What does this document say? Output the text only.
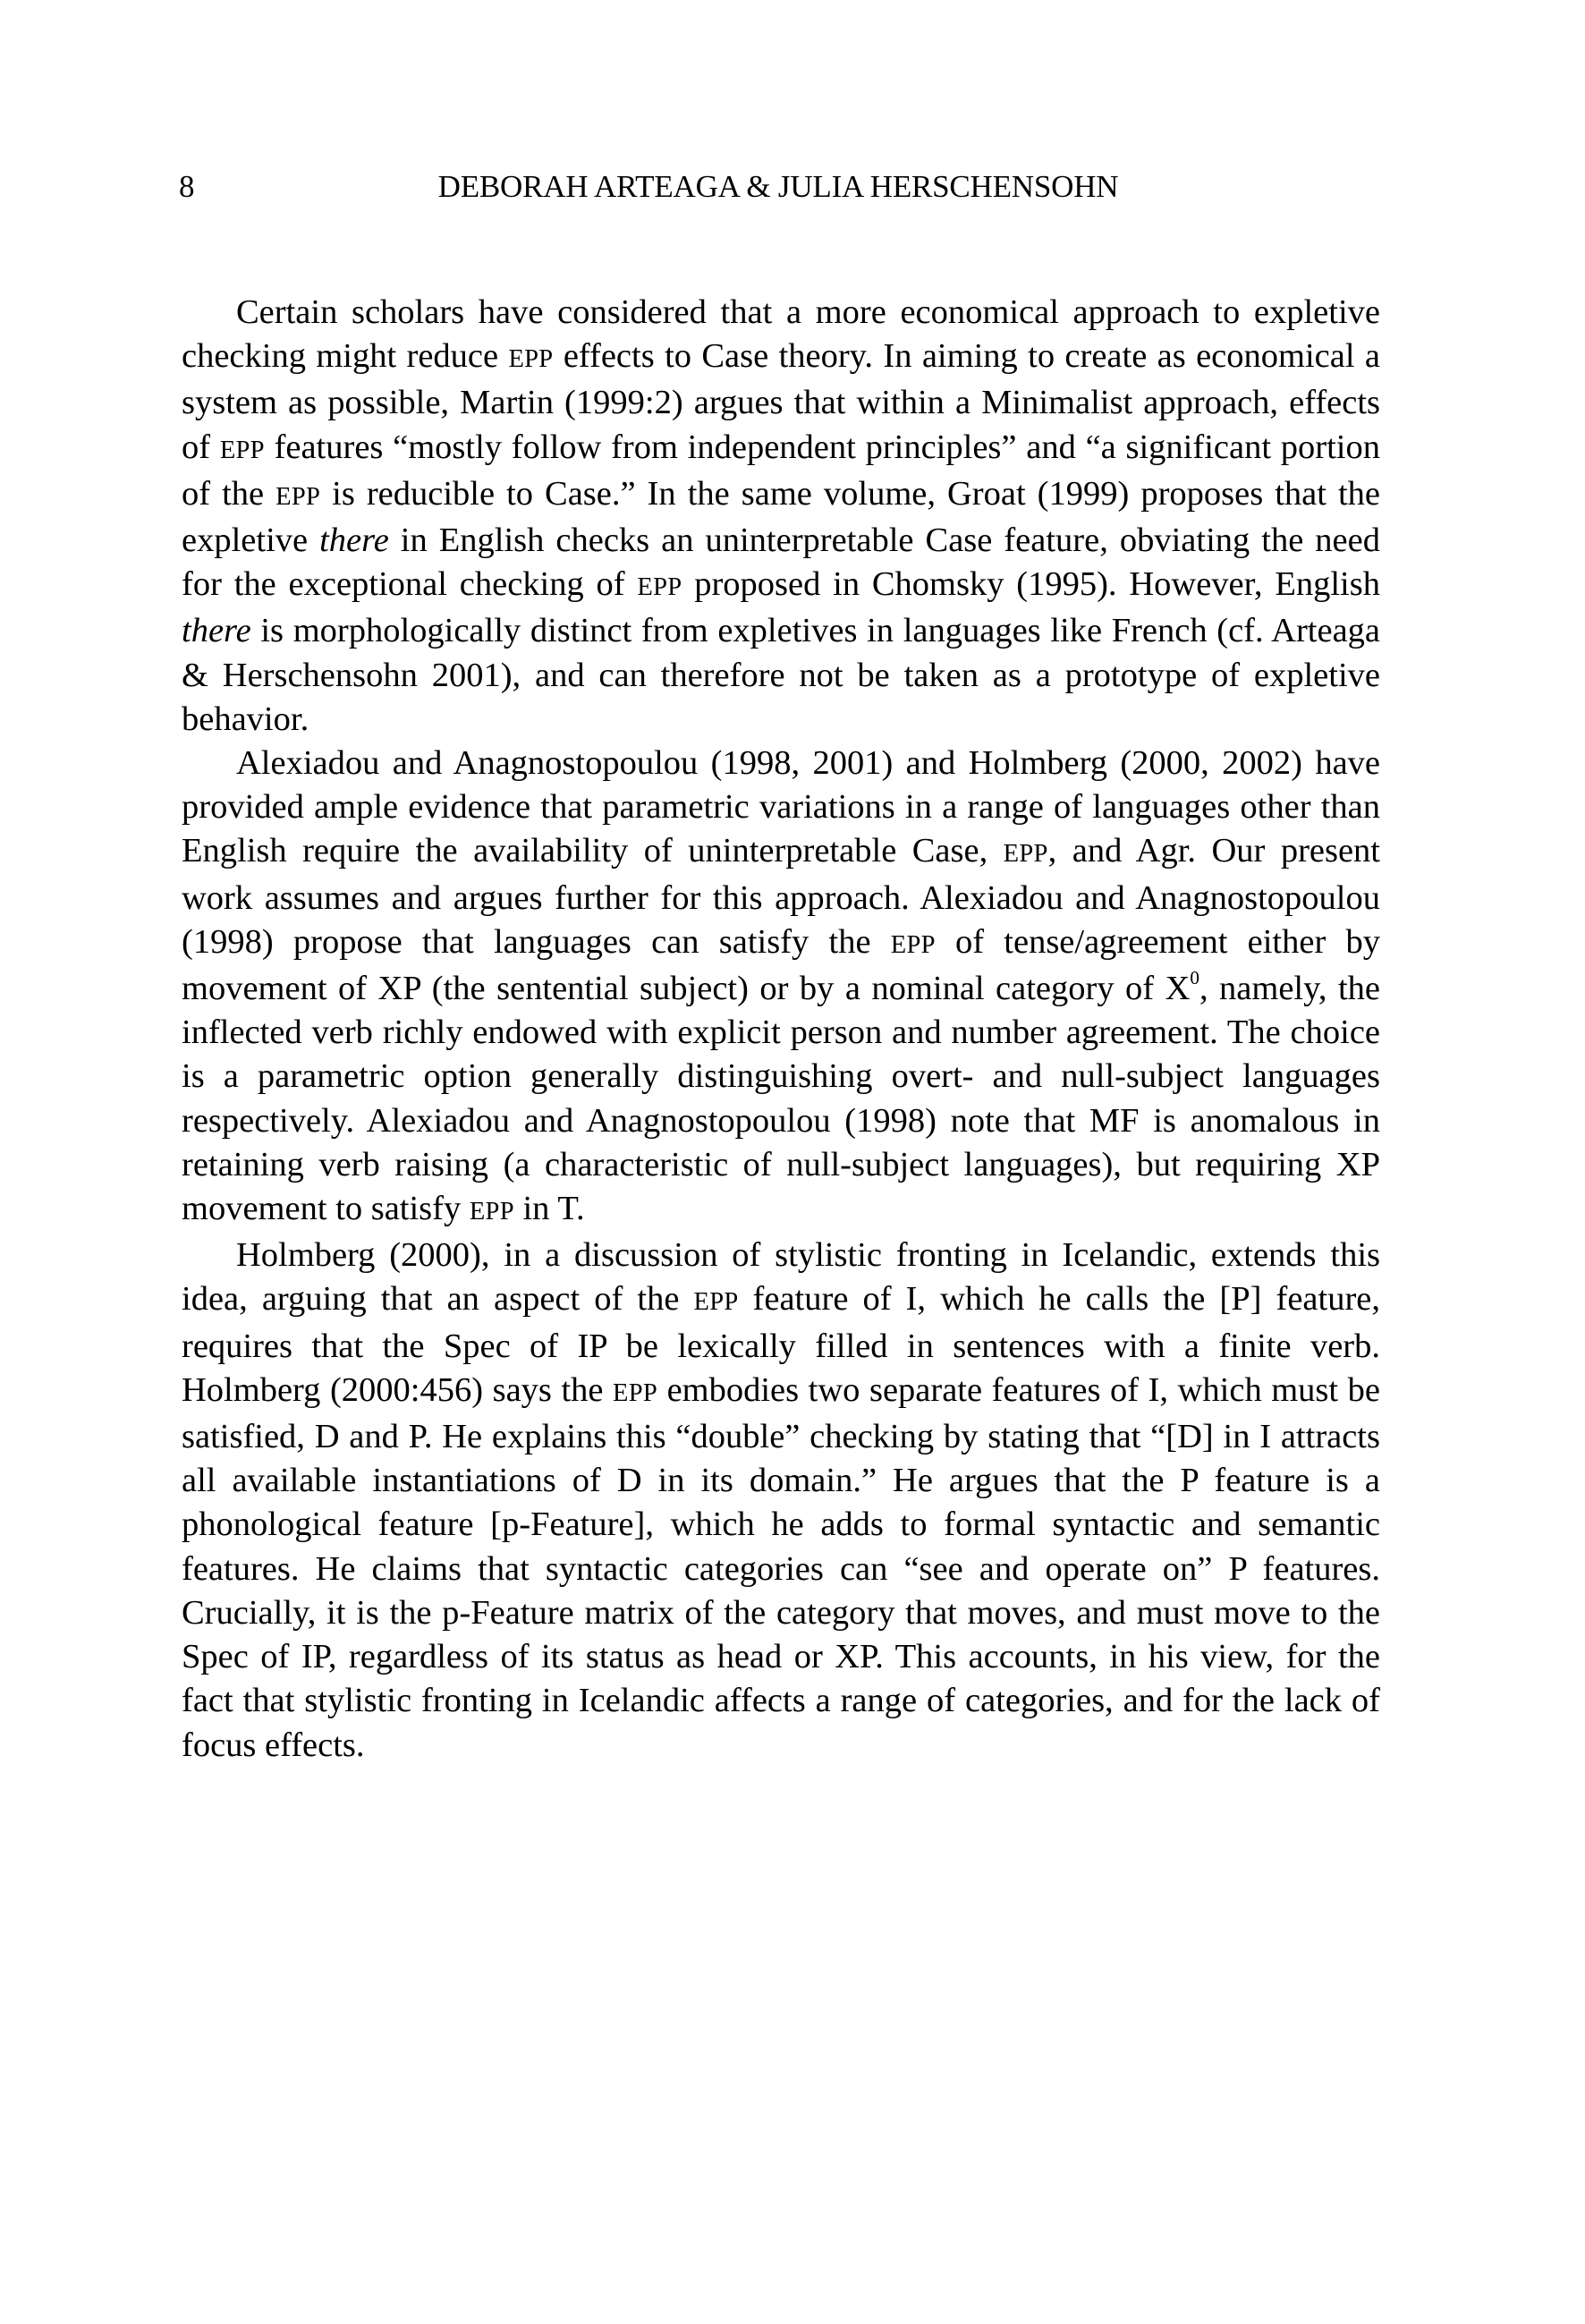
8	DEBORAH ARTEAGA & JULIA HERSCHENSOHN

Certain scholars have considered that a more economical approach to expletive checking might reduce EPP effects to Case theory. In aiming to create as economical a system as possible, Martin (1999:2) argues that within a Minimalist approach, effects of EPP features “mostly follow from independent principles” and “a significant portion of the EPP is reducible to Case.” In the same volume, Groat (1999) proposes that the expletive there in English checks an uninterpretable Case feature, obviating the need for the exceptional checking of EPP proposed in Chomsky (1995). However, English there is morphologically distinct from expletives in languages like French (cf. Arteaga & Herschensohn 2001), and can therefore not be taken as a prototype of expletive behavior.

Alexiadou and Anagnostopoulou (1998, 2001) and Holmberg (2000, 2002) have provided ample evidence that parametric variations in a range of languages other than English require the availability of uninterpretable Case, EPP, and Agr. Our present work assumes and argues further for this approach. Alexiadou and Anagnostopoulou (1998) propose that languages can satisfy the EPP of tense/agreement either by movement of XP (the sentential subject) or by a nominal category of $X^0$, namely, the inflected verb richly endowed with explicit person and number agreement. The choice is a parametric option generally distinguishing overt- and null-subject languages respectively. Alexiadou and Anagnostopoulou (1998) note that MF is anomalous in retaining verb raising (a characteristic of null-subject languages), but requiring XP movement to satisfy EPP in T.

Holmberg (2000), in a discussion of stylistic fronting in Icelandic, extends this idea, arguing that an aspect of the EPP feature of I, which he calls the [P] feature, requires that the Spec of IP be lexically filled in sentences with a finite verb. Holmberg (2000:456) says the EPP embodies two separate features of I, which must be satisfied, D and P. He explains this “double” checking by stating that “[D] in I attracts all available instantiations of D in its domain.” He argues that the P feature is a phonological feature [p-Feature], which he adds to formal syntactic and semantic features. He claims that syntactic categories can “see and operate on” P features. Crucially, it is the p-Feature matrix of the category that moves, and must move to the Spec of IP, regardless of its status as head or XP. This accounts, in his view, for the fact that stylistic fronting in Icelandic affects a range of categories, and for the lack of focus effects.
